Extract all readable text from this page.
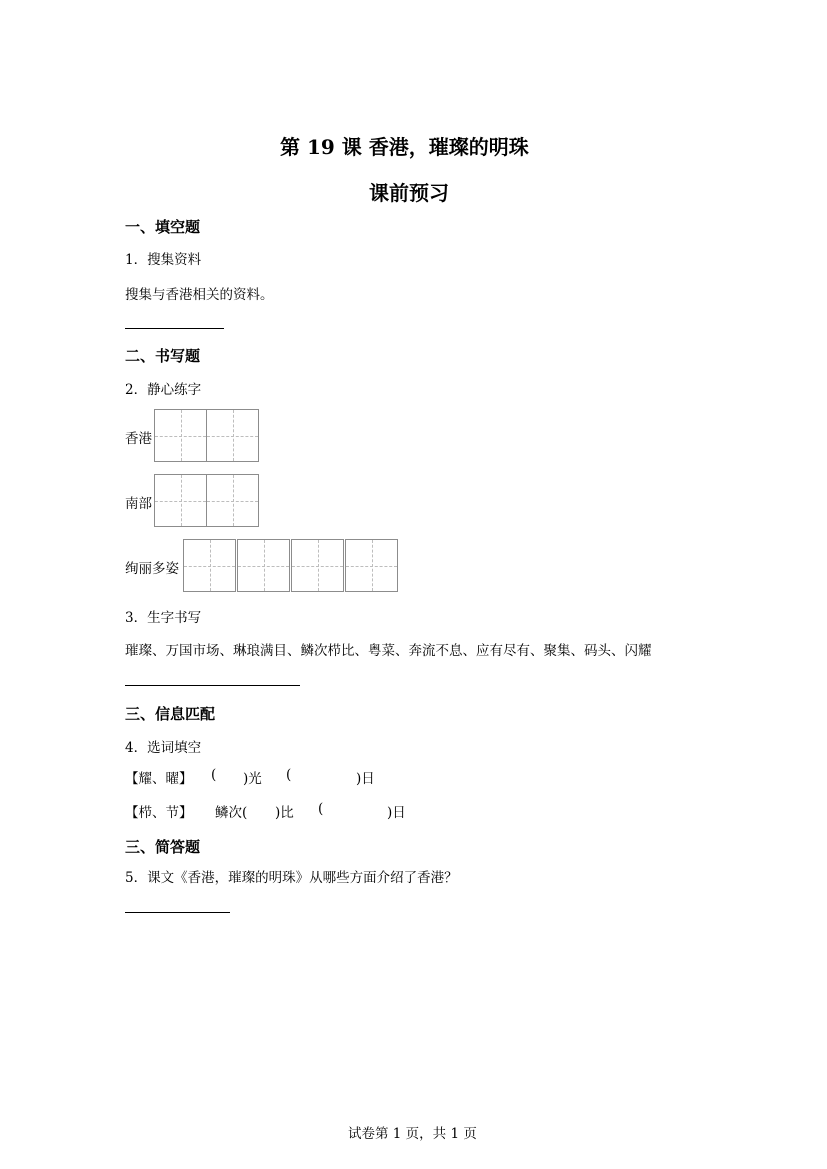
第 19 课 香港，璀璨的明珠
课前预习
一、填空题
1．搜集资料
搜集与香港相关的资料。
二、书写题
2．静心练字
香港
南部
绚丽多姿
3．生字书写
璀璨、万国市场、琳琅满目、鳞次栉比、粤菜、奔流不息、应有尽有、聚集、码头、闪耀
三、信息匹配
4．选词填空
【耀、曜】 ( )光 (	)日
【栉、节】 鳞次( )比 (	)日
三、简答题
5．课文《香港，璀璨的明珠》从哪些方面介绍了香港？
试卷第 1 页，共 1 页
